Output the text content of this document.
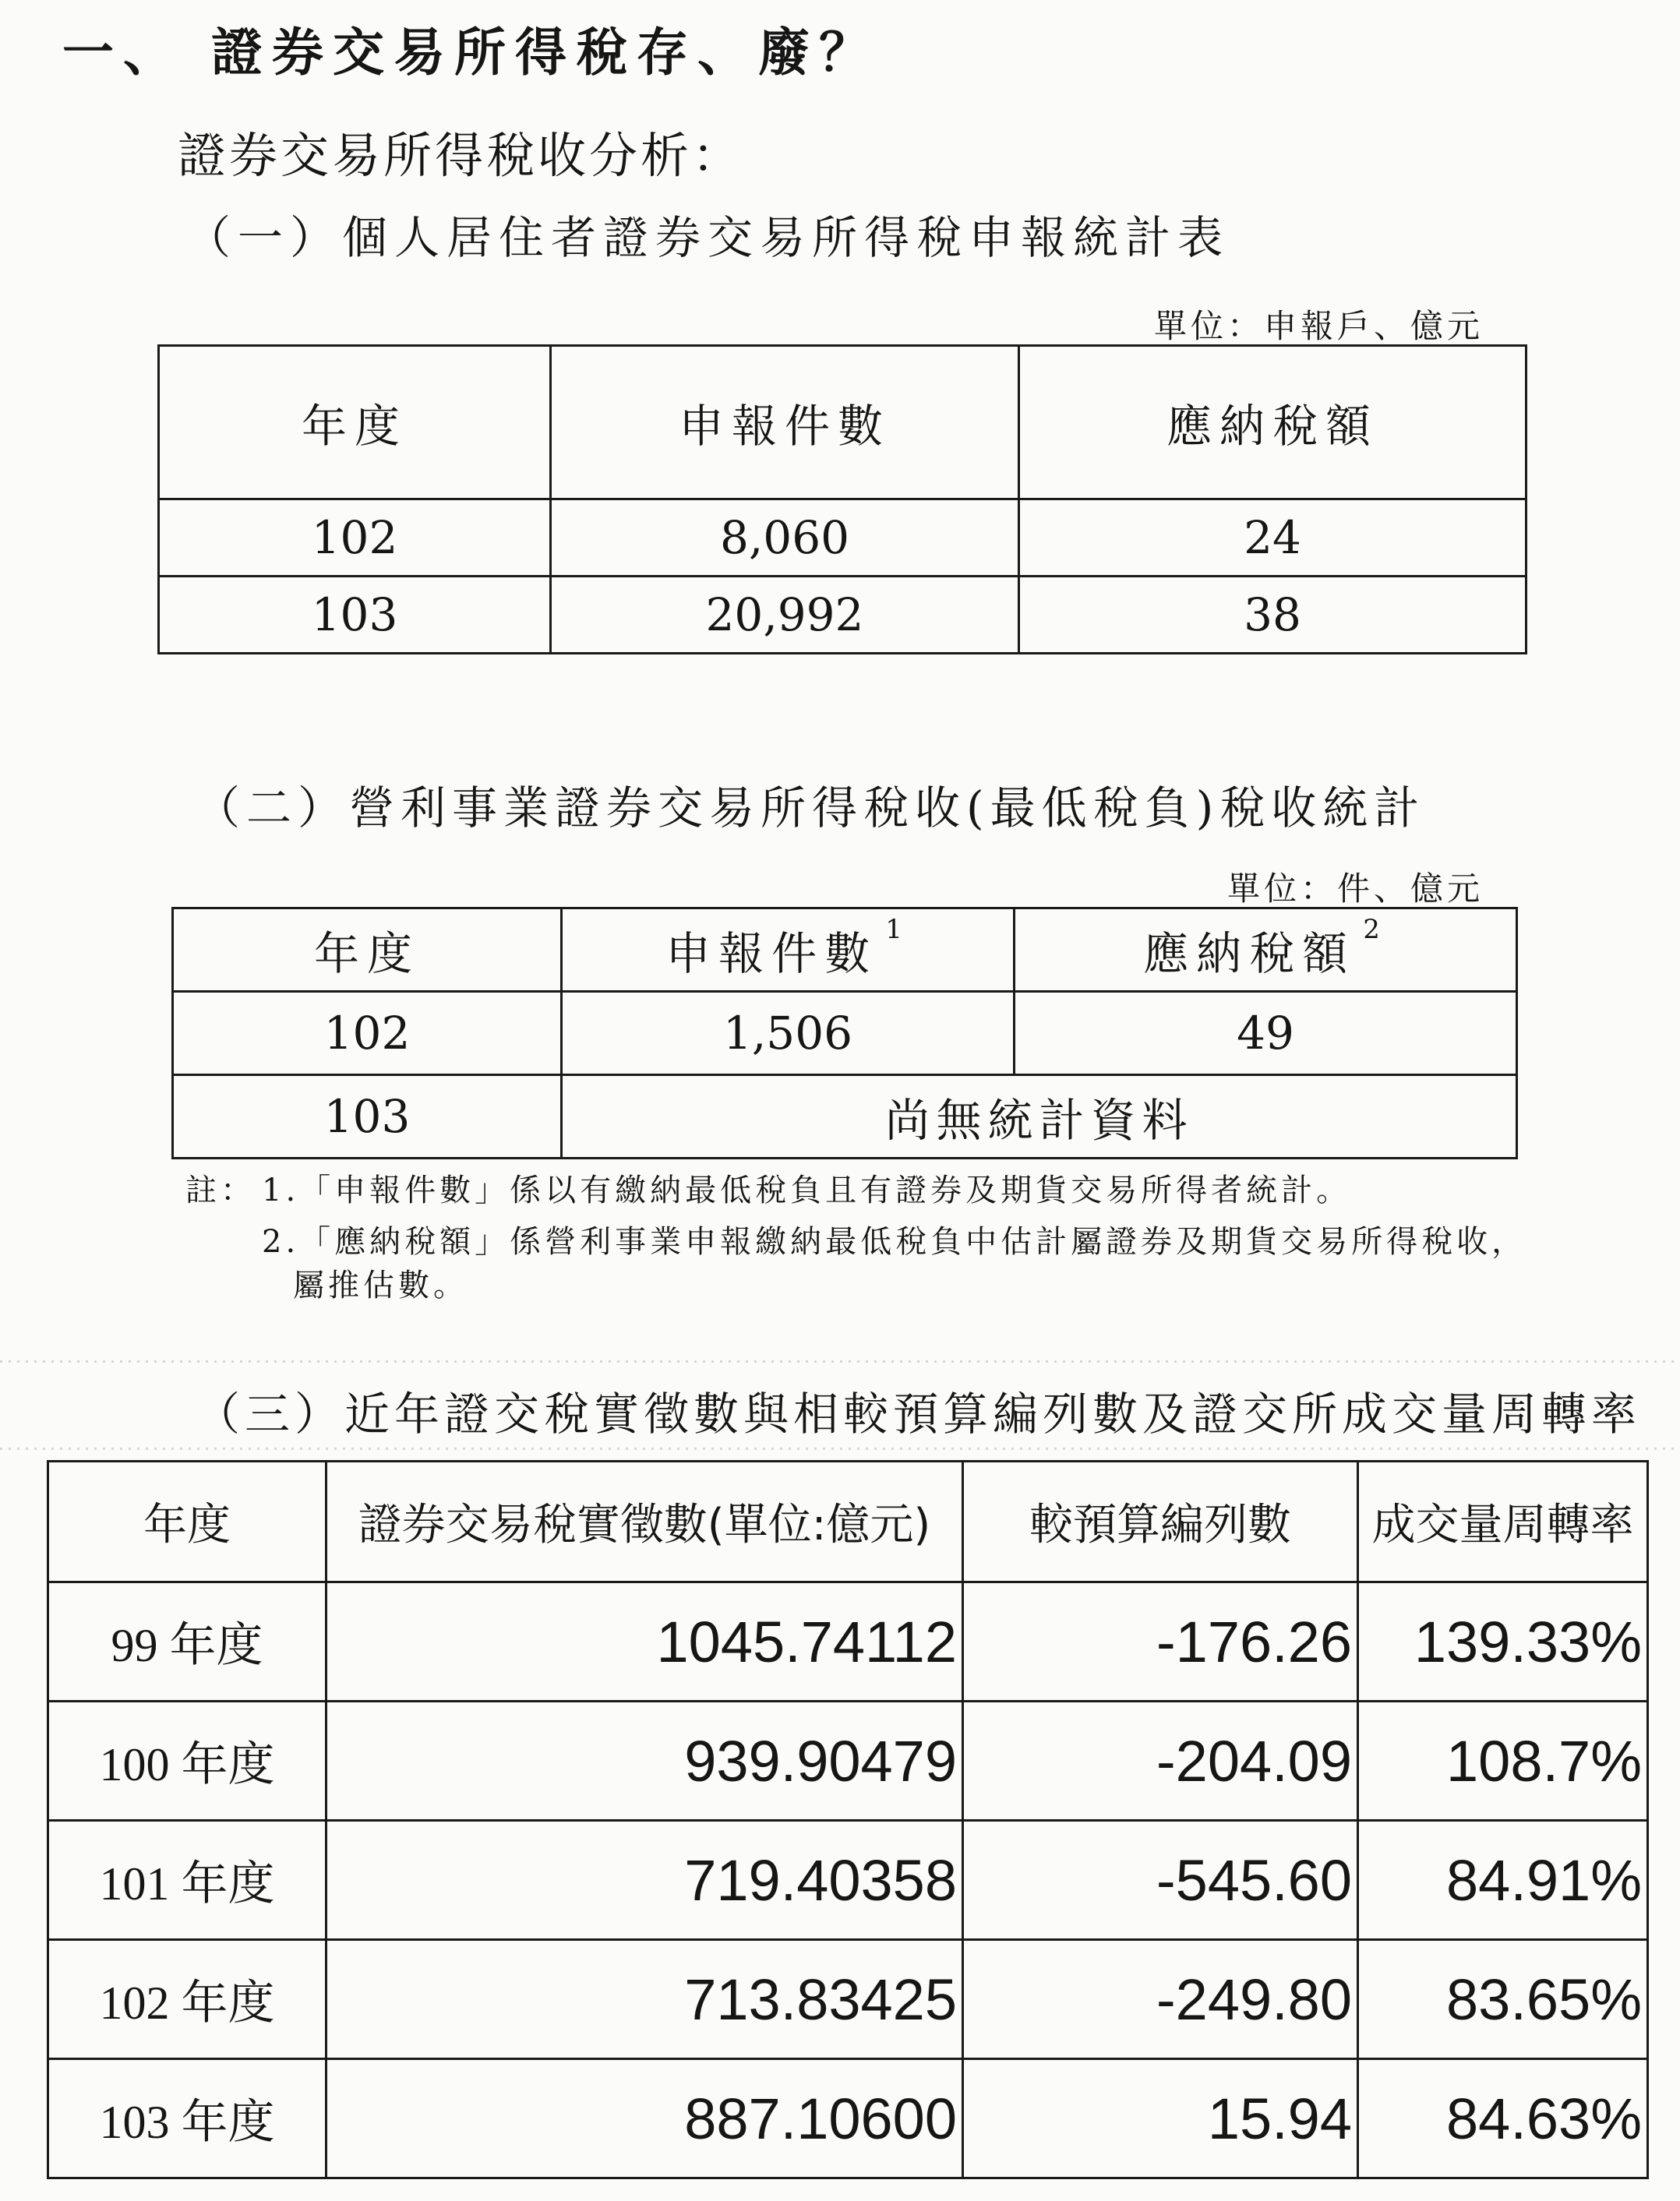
一、 證券交易所得稅存、廢？
證券交易所得稅收分析：
（一）個人居住者證券交易所得稅申報統計表
單位：申報戶、億元
年度	申報件數	應納稅額
102	8,060	24
103	20,992	38
（二）營利事業證券交易所得稅收(最低稅負)稅收統計
單位：件、億元
年度	申報件數 $^1$	應納稅額 $^2$
102	1,506	49
103	尚無統計資料	
註： 1.「申報件數」係以有繳納最低稅負且有證券及期貨交易所得者統計。
2.「應納稅額」係營利事業申報繳納最低稅負中估計屬證券及期貨交易所得稅收，
屬推估數。
（三）近年證交稅實徵數與相較預算編列數及證交所成交量周轉率
年度	證券交易稅實徵數(單位:億元)	較預算編列數	成交量周轉率
99 年度	1045.74112	-176.26	139.33%
100 年度	939.90479	-204.09	108.7%
101 年度	719.40358	-545.60	84.91%
102 年度	713.83425	-249.80	83.65%
103 年度	887.10600	15.94	84.63%
